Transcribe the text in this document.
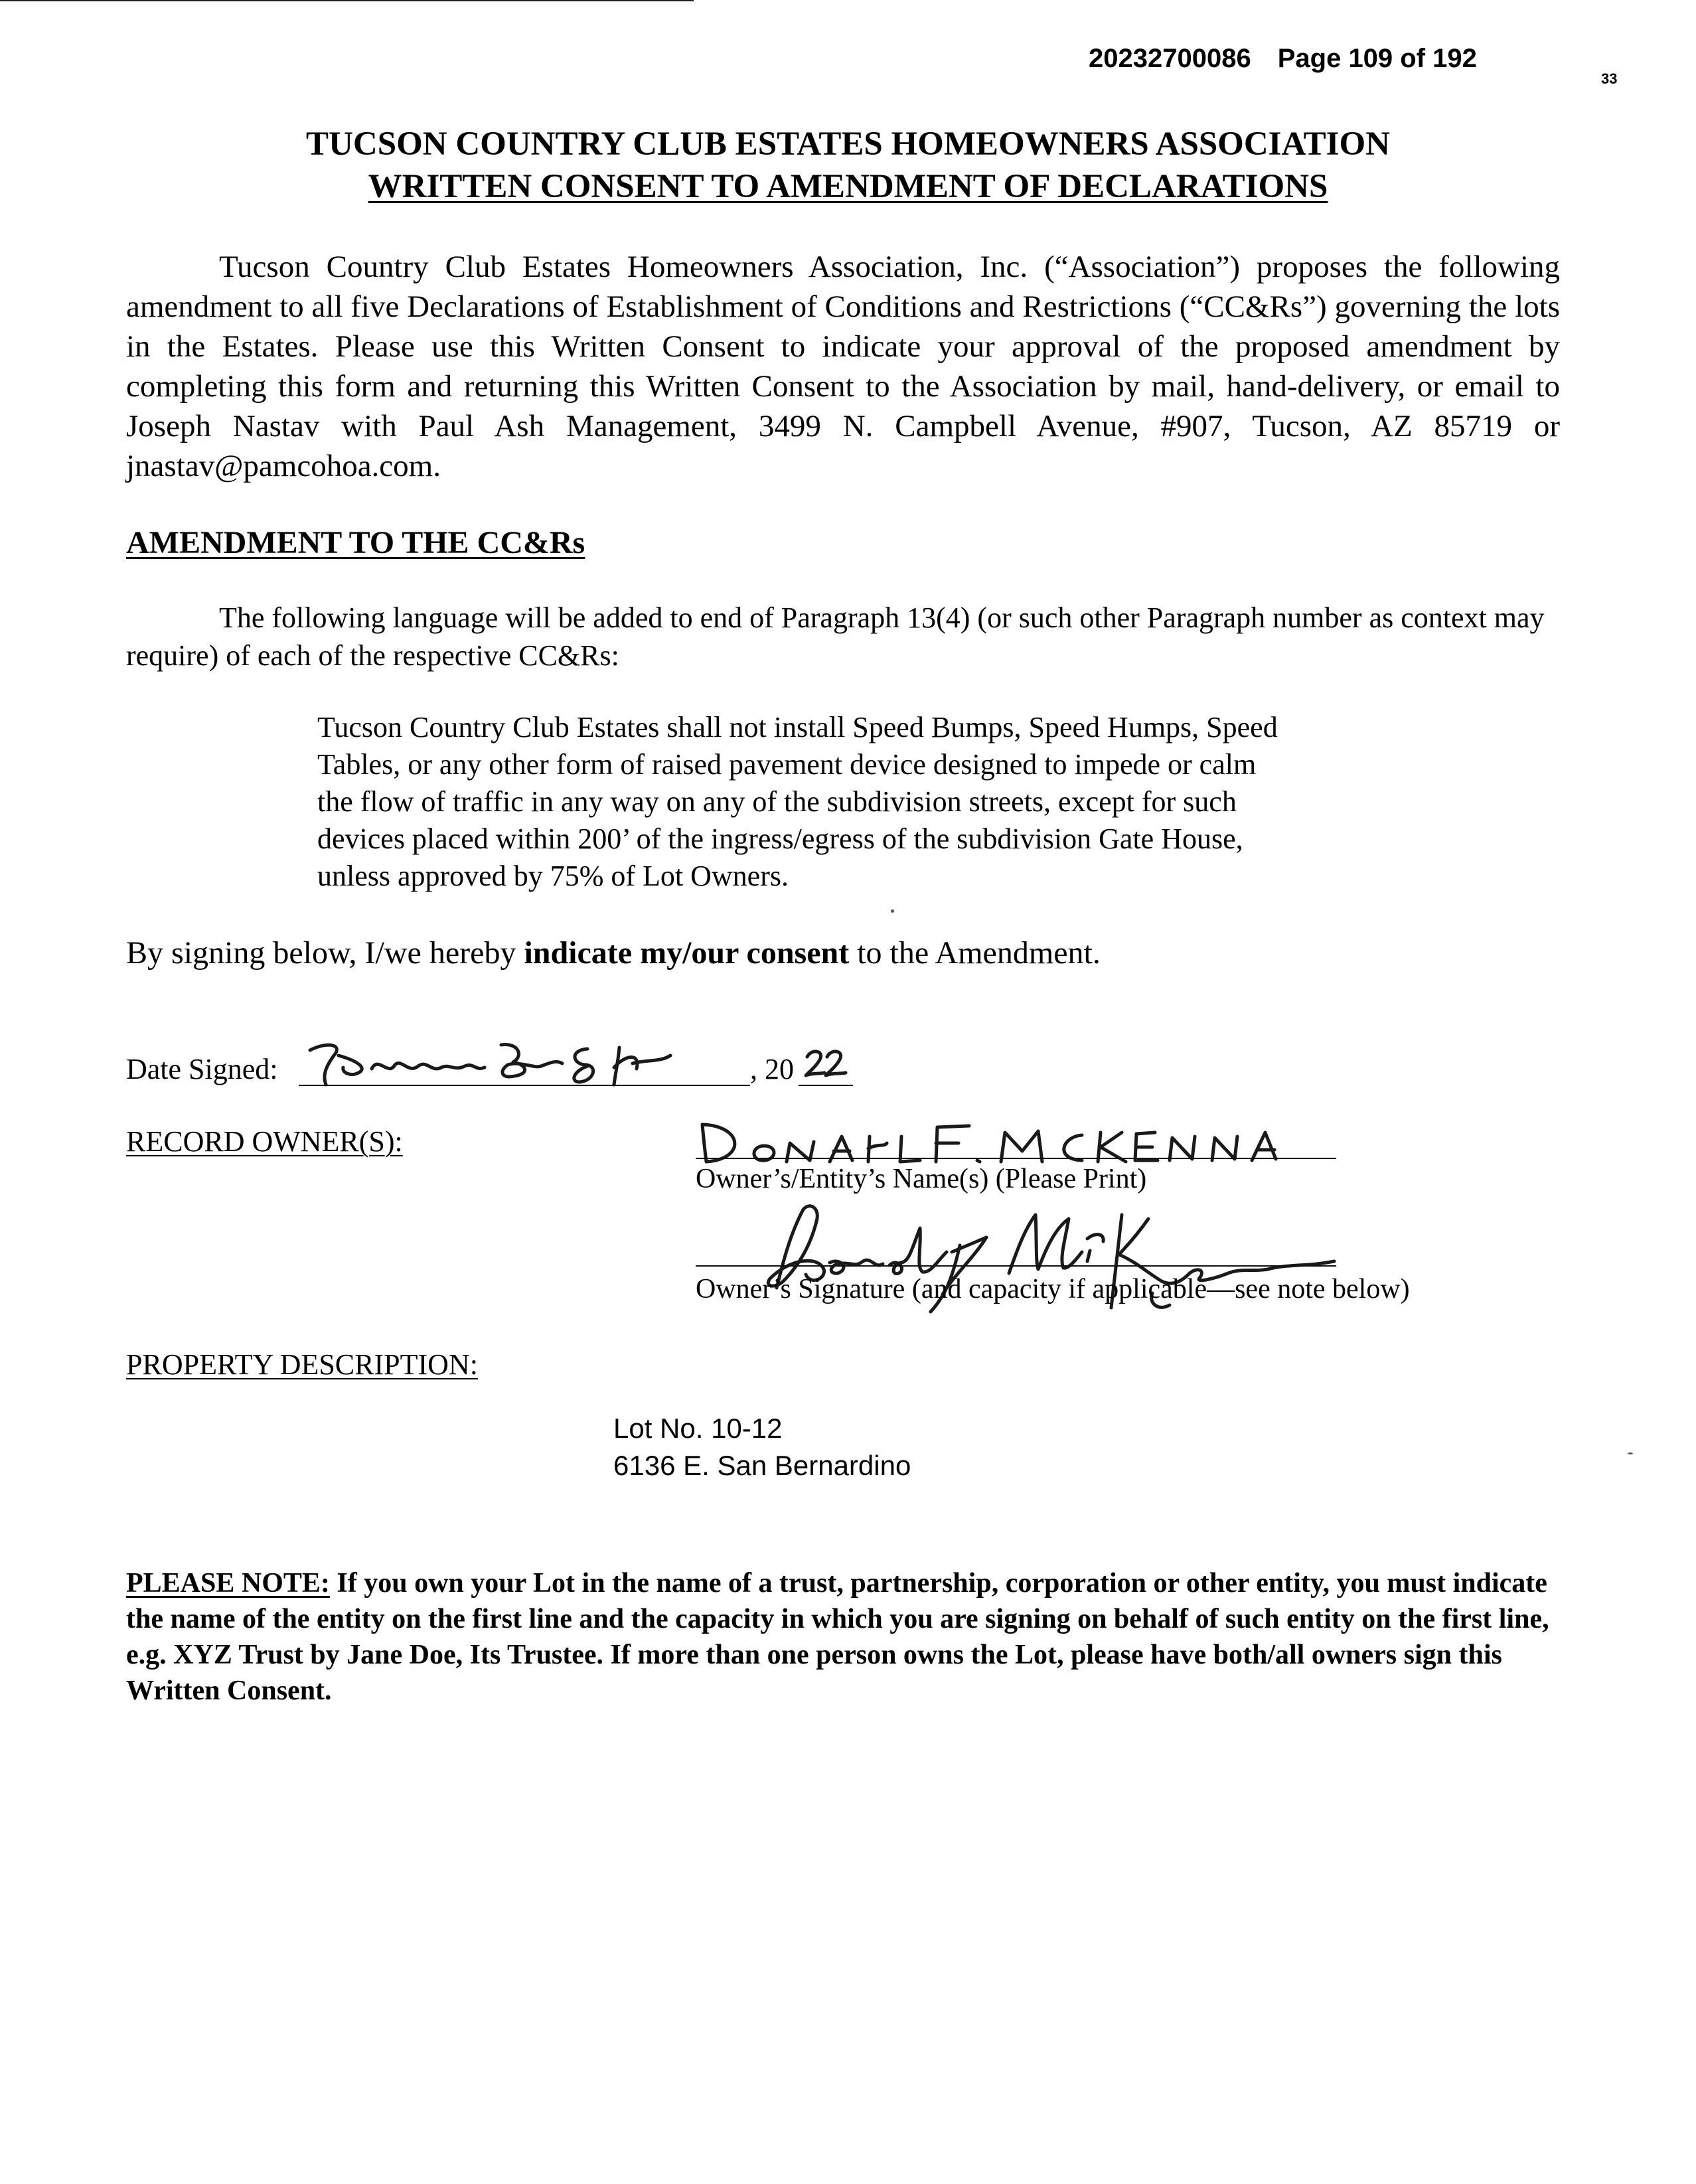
20232700086 Page 109 of 192
33
TUCSON COUNTRY CLUB ESTATES HOMEOWNERS ASSOCIATION
WRITTEN CONSENT TO AMENDMENT OF DECLARATIONS
Tucson Country Club Estates Homeowners Association, Inc. (“Association”) proposes the following amendment to all five Declarations of Establishment of Conditions and Restrictions (“CC&Rs”) governing the lots in the Estates. Please use this Written Consent to indicate your approval of the proposed amendment by completing this form and returning this Written Consent to the Association by mail, hand-delivery, or email to Joseph Nastav with Paul Ash Management, 3499 N. Campbell Avenue, #907, Tucson, AZ 85719 or jnastav@pamcohoa.com.
AMENDMENT TO THE CC&Rs
The following language will be added to end of Paragraph 13(4) (or such other Paragraph number as context may require) of each of the respective CC&Rs:
Tucson Country Club Estates shall not install Speed Bumps, Speed Humps, Speed Tables, or any other form of raised pavement device designed to impede or calm the flow of traffic in any way on any of the subdivision streets, except for such devices placed within 200’ of the ingress/egress of the subdivision Gate House, unless approved by 75% of Lot Owners.
By signing below, I/we hereby indicate my/our consent to the Amendment.
Date Signed:	, 20
RECORD OWNER(S):
Owner’s/Entity’s Name(s) (Please Print)
Owner’s Signature (and capacity if applicable—see note below)
PROPERTY DESCRIPTION:
Lot No. 10-12
6136 E. San Bernardino
PLEASE NOTE: If you own your Lot in the name of a trust, partnership, corporation or other entity, you must indicate the name of the entity on the first line and the capacity in which you are signing on behalf of such entity on the first line, e.g. XYZ Trust by Jane Doe, Its Trustee. If more than one person owns the Lot, please have both/all owners sign this Written Consent.
